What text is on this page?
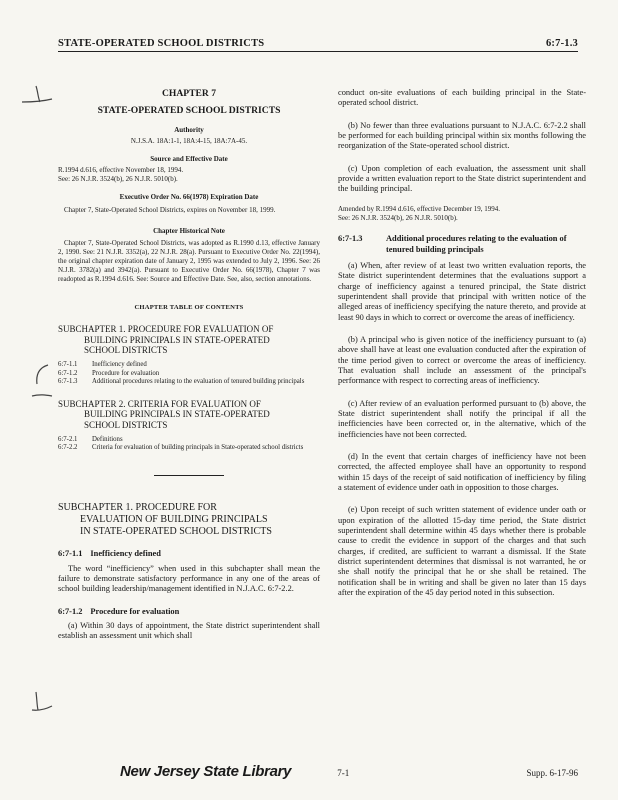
STATE-OPERATED SCHOOL DISTRICTS	6:7-1.3
CHAPTER 7
STATE-OPERATED SCHOOL DISTRICTS
Authority
N.J.S.A. 18A:1-1, 18A:4-15, 18A:7A-45.
Source and Effective Date
R.1994 d.616, effective November 18, 1994.
See: 26 N.J.R. 3524(b), 26 N.J.R. 5010(b).
Executive Order No. 66(1978) Expiration Date
Chapter 7, State-Operated School Districts, expires on November 18, 1999.
Chapter Historical Note
Chapter 7, State-Operated School Districts, was adopted as R.1990 d.13, effective January 2, 1990. See: 21 N.J.R. 3352(a), 22 N.J.R. 28(a). Pursuant to Executive Order No. 22(1994), the original chapter expiration date of January 2, 1995 was extended to July 2, 1996. See: 26 N.J.R. 3782(a) and 3942(a). Pursuant to Executive Order No. 66(1978), Chapter 7 was readopted as R.1994 d.616. See: Source and Effective Date. See, also, section annotations.
CHAPTER TABLE OF CONTENTS
SUBCHAPTER 1. PROCEDURE FOR EVALUATION OF
BUILDING PRINCIPALS IN STATE-OPERATED
SCHOOL DISTRICTS
6:7-1.1	Inefficiency defined
6:7-1.2	Procedure for evaluation
6:7-1.3	Additional procedures relating to the evaluation of tenured building principals
SUBCHAPTER 2. CRITERIA FOR EVALUATION OF
BUILDING PRINCIPALS IN STATE-OPERATED
SCHOOL DISTRICTS
6:7-2.1	Definitions
6:7-2.2	Criteria for evaluation of building principals in State-operated school districts
SUBCHAPTER 1. PROCEDURE FOR
EVALUATION OF BUILDING PRINCIPALS
IN STATE-OPERATED SCHOOL DISTRICTS
6:7-1.1 Inefficiency defined

The word “inefficiency” when used in this subchapter shall mean the failure to demonstrate satisfactory performance in any one of the areas of school building leadership/management identified in N.J.A.C. 6:7-2.2.

6:7-1.2 Procedure for evaluation

(a) Within 30 days of appointment, the State district superintendent shall establish an assessment unit which shall

conduct on-site evaluations of each building principal in the State-operated school district.

(b) No fewer than three evaluations pursuant to N.J.A.C. 6:7-2.2 shall be performed for each building principal within six months following the reorganization of the State-operated school district.

(c) Upon completion of each evaluation, the assessment unit shall provide a written evaluation report to the State district superintendent and the building principal.

Amended by R.1994 d.616, effective December 19, 1994.
See: 26 N.J.R. 3524(b), 26 N.J.R. 5010(b).
6:7-1.3	Additional procedures relating to the evaluation of tenured building principals

(a) When, after review of at least two written evaluation reports, the State district superintendent determines that the evaluations support a charge of inefficiency against a tenured principal, the State district superintendent shall provide that principal with written notice of the alleged areas of inefficiency specifying the nature thereto, and provide at least 90 days in which to correct or overcome the areas of inefficiency.

(b) A principal who is given notice of the inefficiency pursuant to (a) above shall have at least one evaluation conducted after the expiration of the time period given to correct or overcome the areas of inefficiency. That evaluation shall include an assessment of the principal's performance with respect to correcting areas of inefficiency.

(c) After review of an evaluation performed pursuant to (b) above, the State district superintendent shall notify the principal if all the inefficiencies have been corrected or, in the alternative, which of the inefficiencies have not been corrected.

(d) In the event that certain charges of inefficiency have not been corrected, the affected employee shall have an opportunity to respond within 15 days of the receipt of said notification of inefficiency by filing a statement of evidence under oath in opposition to those charges.

(e) Upon receipt of such written statement of evidence under oath or upon expiration of the allotted 15-day time period, the State district superintendent shall determine within 45 days whether there is probable cause to credit the evidence in support of the charges and that such charges, if credited, are sufficient to warrant a dismissal. If the State district superintendent determines that dismissal is not warranted, he or she shall notify the principal that he or she shall be retained. The notification shall be in writing and shall be given no later than 15 days after the expiration of the 45 day period noted in this subsection.

New Jersey State Library	7-1	Supp. 6-17-96
